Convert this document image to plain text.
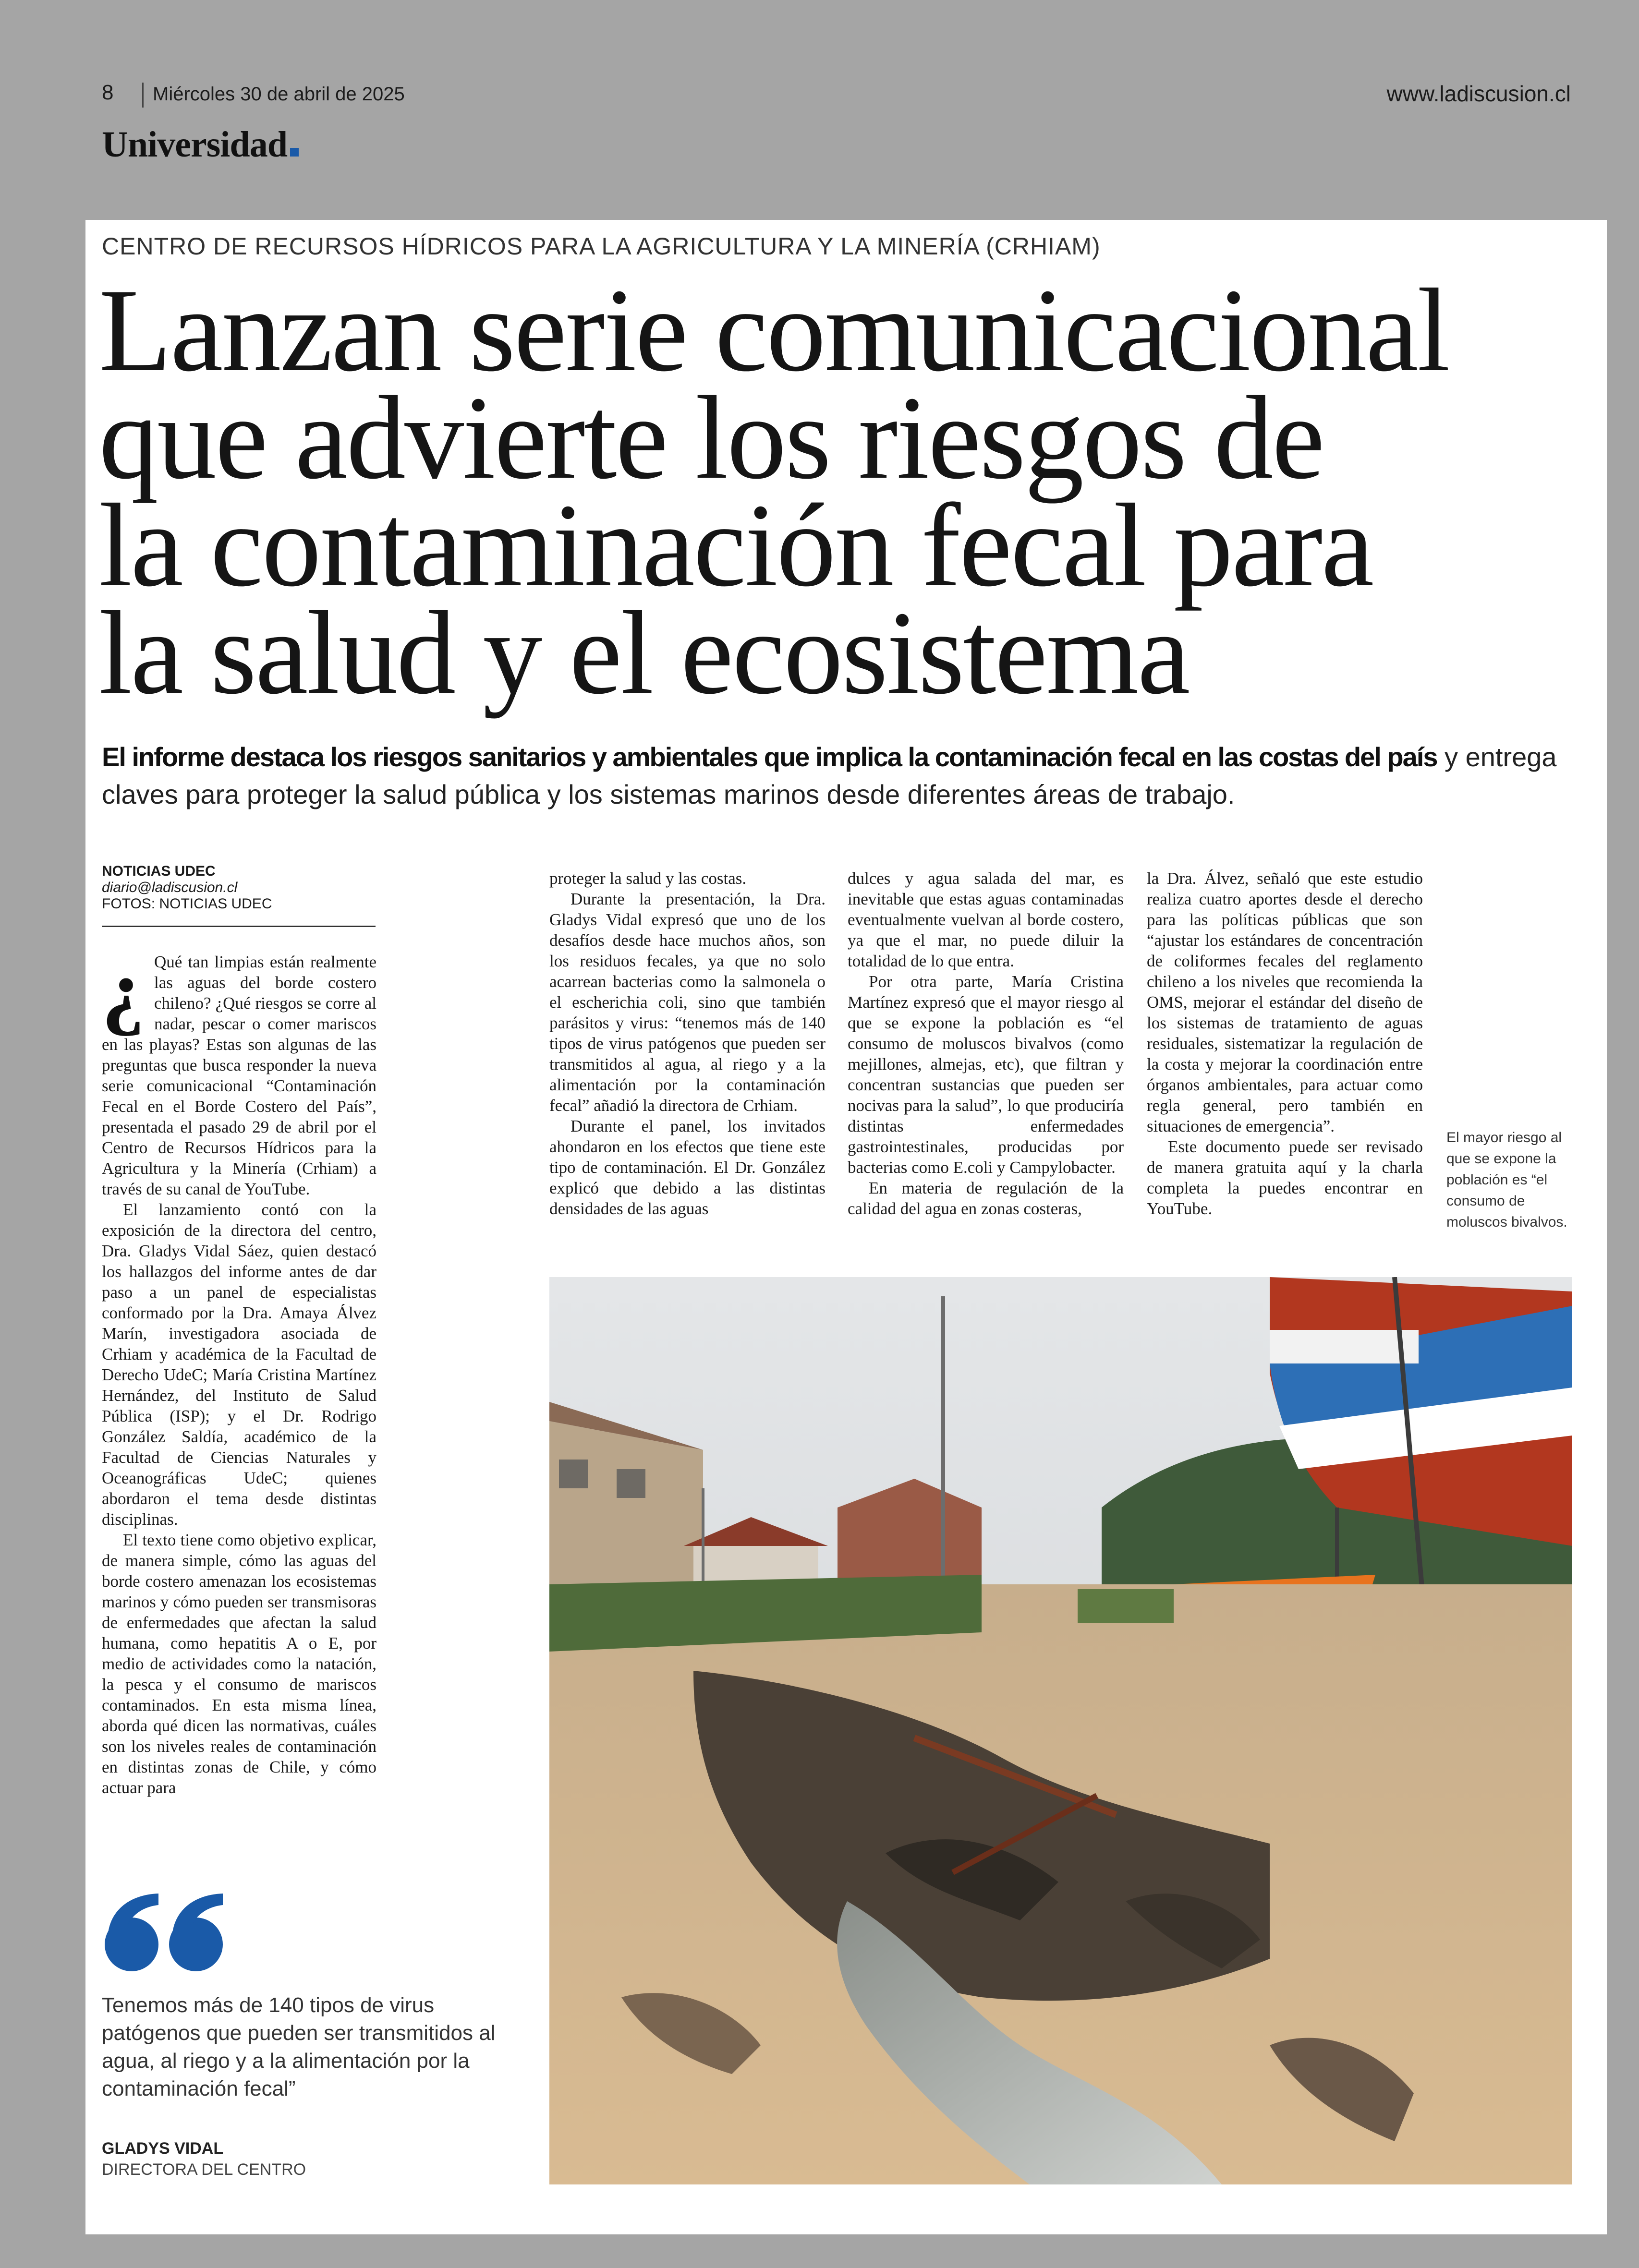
8 Miércoles 30 de abril de 2025	www.ladiscusion.cl
Universidad
CENTRO DE RECURSOS HÍDRICOS PARA LA AGRICULTURA Y LA MINERÍA (CRHIAM)
Lanzan serie comunicacional
que advierte los riesgos de
la contaminación fecal para
la salud y el ecosistema
El informe destaca los riesgos sanitarios y ambientales que implica la contaminación fecal en las costas del país y entrega claves para proteger la salud pública y los sistemas marinos desde diferentes áreas de trabajo.
NOTICIAS UDEC
diario@ladiscusion.cl
FOTOS: NOTICIAS UDEC

¿ Qué tan limpias están realmente las aguas del borde costero chileno? ¿Qué riesgos se corre al nadar, pescar o comer mariscos en las playas? Estas son algunas de las preguntas que busca responder la nueva serie comunicacional “Contaminación Fecal en el Borde Costero del País”, presentada el pasado 29 de abril por el Centro de Recursos Hídricos para la Agricultura y la Minería (Crhiam) a través de su canal de YouTube.

El lanzamiento contó con la exposición de la directora del centro, Dra. Gladys Vidal Sáez, quien destacó los hallazgos del informe antes de dar paso a un panel de especialistas conformado por la Dra. Amaya Álvez Marín, investigadora asociada de Crhiam y académica de la Facultad de Derecho UdeC; María Cristina Martínez Hernández, del Instituto de Salud Pública (ISP); y el Dr. Rodrigo González Saldía, académico de la Facultad de Ciencias Naturales y Oceanográficas UdeC; quienes abordaron el tema desde distintas disciplinas.

El texto tiene como objetivo explicar, de manera simple, cómo las aguas del borde costero amenazan los ecosistemas marinos y cómo pueden ser transmisoras de enfermedades que afectan la salud humana, como hepatitis A o E, por medio de actividades como la natación, la pesca y el consumo de mariscos contaminados. En esta misma línea, aborda qué dicen las normativas, cuáles son los niveles reales de contaminación en distintas zonas de Chile, y cómo actuar para

proteger la salud y las costas.

Durante la presentación, la Dra. Gladys Vidal expresó que uno de los desafíos desde hace muchos años, son los residuos fecales, ya que no solo acarrean bacterias como la salmonela o el escherichia coli, sino que también parásitos y virus: “tenemos más de 140 tipos de virus patógenos que pueden ser transmitidos al agua, al riego y a la alimentación por la contaminación fecal” añadió la directora de Crhiam.

Durante el panel, los invitados ahondaron en los efectos que tiene este tipo de contaminación. El Dr. González explicó que debido a las distintas densidades de las aguas

dulces y agua salada del mar, es inevitable que estas aguas contaminadas eventualmente vuelvan al borde costero, ya que el mar, no puede diluir la totalidad de lo que entra.

Por otra parte, María Cristina Martínez expresó que el mayor riesgo al que se expone la población es “el consumo de moluscos bivalvos (como mejillones, almejas, etc), que filtran y concentran sustancias que pueden ser nocivas para la salud”, lo que produciría distintas enfermedades gastrointestinales, producidas por bacterias como E.coli y Campylobacter.

En materia de regulación de la calidad del agua en zonas costeras,

la Dra. Álvez, señaló que este estudio realiza cuatro aportes desde el derecho para las políticas públicas que son “ajustar los estándares de concentración de coliformes fecales del reglamento chileno a los niveles que recomienda la OMS, mejorar el estándar del diseño de los sistemas de tratamiento de aguas residuales, sistematizar la regulación de la costa y mejorar la coordinación entre órganos ambientales, para actuar como regla general, pero también en situaciones de emergencia”.

Este documento puede ser revisado de manera gratuita aquí y la charla completa la puedes encontrar en YouTube.

El mayor riesgo al que se expone la población es “el consumo de moluscos bivalvos.
Tenemos más de 140 tipos de virus patógenos que pueden ser transmitidos al agua, al riego y a la alimentación por la contaminación fecal”
GLADYS VIDAL
DIRECTORA DEL CENTRO
